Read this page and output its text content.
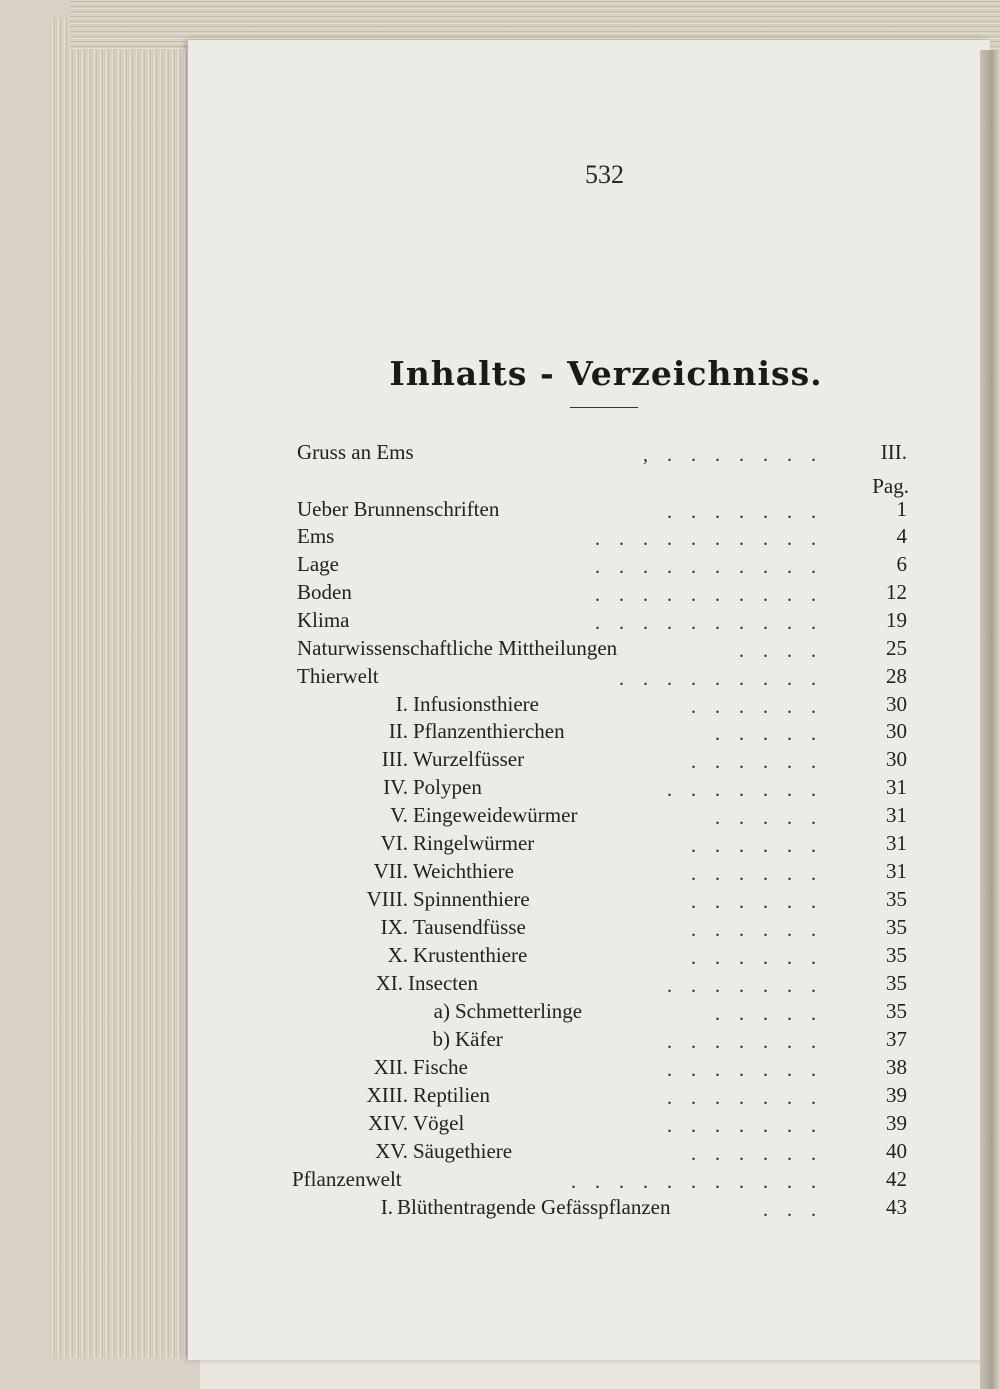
532
Inhalts - Verzeichniss.
Pag.
Gruss an Ems	,.......	III.
Ueber Brunnenschriften	.......	1
Ems	..........	4
Lage	..........	6
Boden	..........	12
Klima	..........	19
Naturwissenschaftliche Mittheilungen	....	25
Thierwelt	.........	28
I. Infusionsthiere	......	30
II. Pflanzenthierchen	.....	30
III. Wurzelfüsser	......	30
IV. Polypen	.......	31
V. Eingeweidewürmer	.....	31
VI. Ringelwürmer	......	31
VII. Weichthiere	......	31
VIII. Spinnenthiere	......	35
IX. Tausendfüsse	......	35
X. Krustenthiere	......	35
XI. Insecten	.......	35
a) Schmetterlinge	.....	35
b) Käfer	.......	37
XII. Fische	.......	38
XIII. Reptilien	.......	39
XIV. Vögel	.......	39
XV. Säugethiere	......	40
Pflanzenwelt	...........	42
I. Blüthentragende Gefässpflanzen	...	43
